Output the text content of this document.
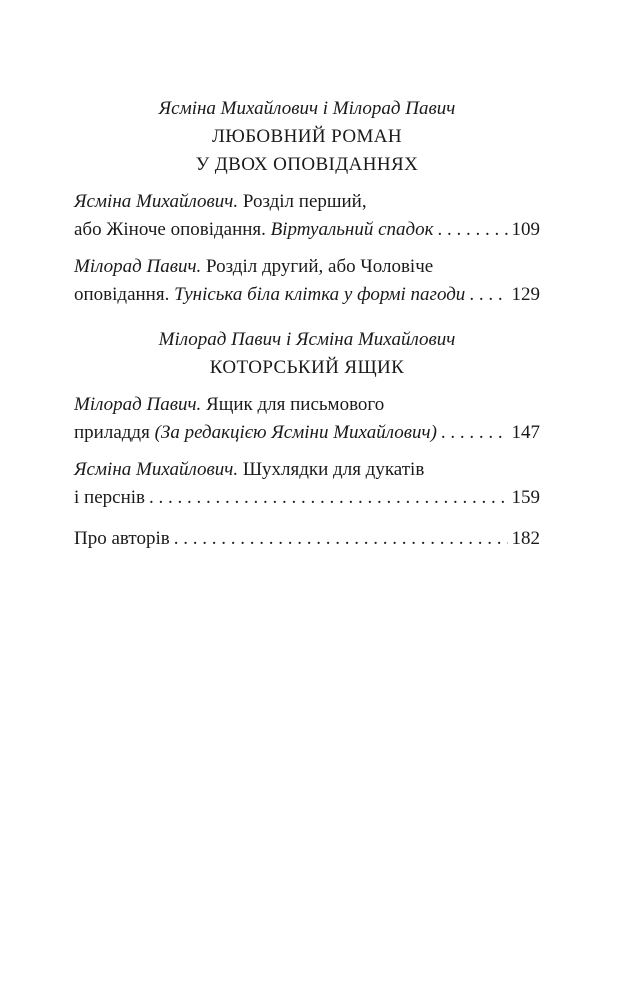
Ясміна Михайлович і Мілорад Павич
ЛЮБОВНИЙ РОМАН
У ДВОХ ОПОВІДАННЯХ
Ясміна Михайлович. Розділ перший,
або Жіноче оповідання. Віртуальний спадок . . .	109
Мілорад Павич. Розділ другий, або Чоловіче
оповідання. Туніська біла клітка у формі пагоди . . . 129
Мілорад Павич і Ясміна Михайлович
КОТОРСЬКИЙ ЯЩИК
Мілорад Павич. Ящик для письмового
приладдя (За редакцією Ясміни Михайлович) . . .	147
Ясміна Михайлович. Шухлядки для дукатів
і перснів . . .	159
Про авторів . . .	182
